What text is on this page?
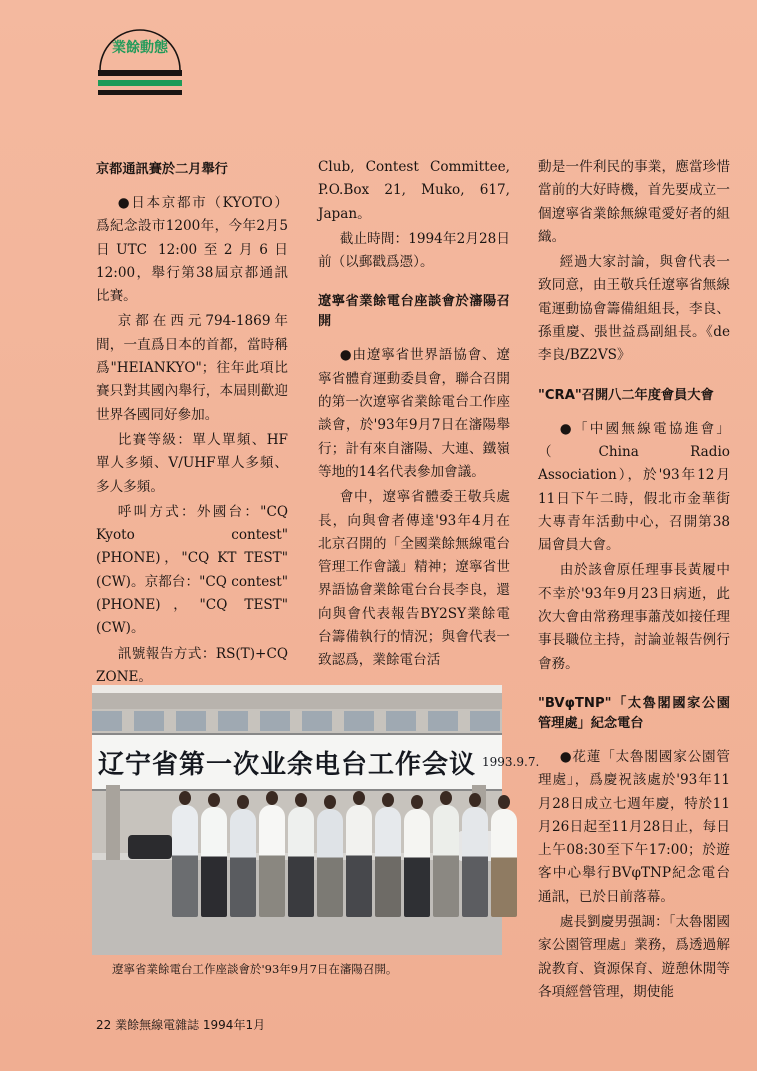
業餘動態
京都通訊賽於二月舉行

●日本京都市（KYOTO）爲紀念設市1200年，今年2月5日UTC 12:00至2月6日 12:00，舉行第38屆京都通訊比賽。

京都在西元794-1869年間，一直爲日本的首都，當時稱爲"HEIANKYO"；往年此項比賽只對其國內舉行，本屆則歡迎世界各國同好參加。

比賽等級：單人單頻、HF單人多頻、V/UHF單人多頻、多人多頻。

呼叫方式：外國台："CQ Kyoto contest" (PHONE)，"CQ KT TEST" (CW)。京都台："CQ contest" (PHONE)，"CQ TEST" (CW)。

訊號報告方式：RS(T)+CQ ZONE。

Club, Contest Committee, P.O.Box 21, Muko, 617, Japan。

截止時間：1994年2月28日前（以郵戳爲憑）。

遼寧省業餘電台座談會於瀋陽召開

●由遼寧省世界語協會、遼寧省體育運動委員會，聯合召開的第一次遼寧省業餘電台工作座談會，於'93年9月7日在瀋陽舉行；計有來自瀋陽、大連、鐵嶺等地的14名代表參加會議。

會中，遼寧省體委王敬兵處長，向與會者傳達'93年4月在北京召開的「全國業餘無線電台管理工作會議」精神；遼寧省世界語協會業餘電台台長李良，還向與會代表報告BY2SY業餘電台籌備執行的情況；與會代表一致認爲，業餘電台活

動是一件利民的事業，應當珍惜當前的大好時機，首先要成立一個遼寧省業餘無線電愛好者的組織。

經過大家討論，與會代表一致同意，由王敬兵任遼寧省無線電運動協會籌備組組長，李良、孫重慶、張世益爲副組長。《de 李良/BZ2VS》

"CRA"召開八二年度會員大會

●「中國無線電協進會」（China Radio Association），於'93年12月11日下午二時，假北市金華街大專青年活動中心，召開第38屆會員大會。

由於該會原任理事長黃履中不幸於'93年9月23日病逝，此次大會由常務理事蕭茂如接任理事長職位主持，討論並報告例行會務。

"BVφTNP"「太魯閣國家公園管理處」紀念電台

●花蓮「太魯閣國家公園管理處」，爲慶祝該處於'93年11月28日成立七週年慶，特於11月26日起至11月28日止，每日上午08:30至下午17:00；於遊客中心舉行BVφTNP紀念電台通訊，已於日前落幕。

處長劉慶男强調：「太魯閣國家公園管理處」業務，爲透過解說教育、資源保育、遊憩休閒等各項經營管理，期使能

辽宁省第一次业余电台工作会议 1993.9.7.
遼寧省業餘電台工作座談會於'93年9月7日在瀋陽召開。
22 業餘無線電雜誌 1994年1月
